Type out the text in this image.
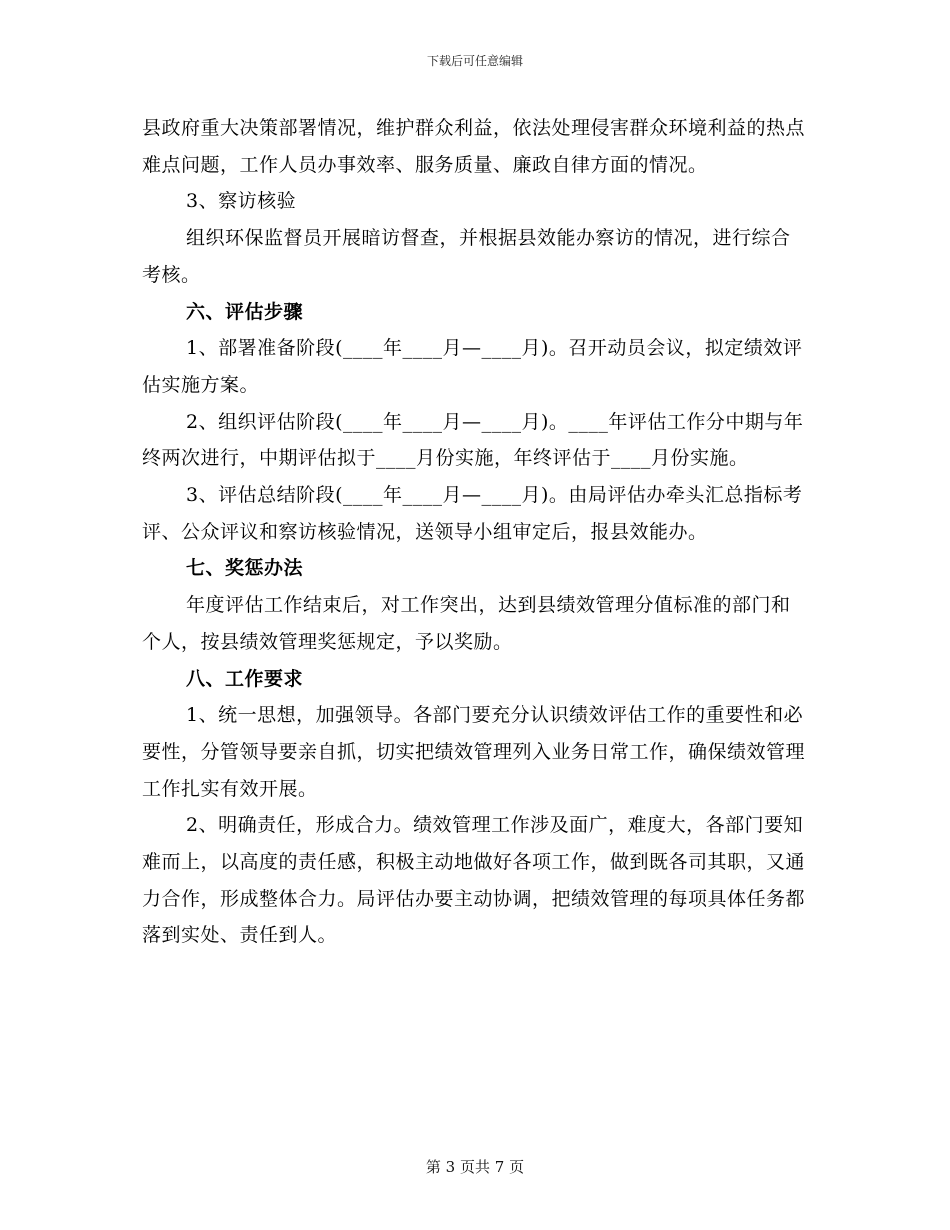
下载后可任意编辑

县政府重大决策部署情况，维护群众利益，依法处理侵害群众环境利益的热点难点问题，工作人员办事效率、服务质量、廉政自律方面的情况。

3、察访核验

组织环保监督员开展暗访督查，并根据县效能办察访的情况，进行综合考核。

六、评估步骤

1、部署准备阶段(____年____月—____月)。召开动员会议，拟定绩效评估实施方案。

2、组织评估阶段(____年____月—____月)。____年评估工作分中期与年终两次进行，中期评估拟于____月份实施，年终评估于____月份实施。

3、评估总结阶段(____年____月—____月)。由局评估办牵头汇总指标考评、公众评议和察访核验情况，送领导小组审定后，报县效能办。

七、奖惩办法

年度评估工作结束后，对工作突出，达到县绩效管理分值标准的部门和个人，按县绩效管理奖惩规定，予以奖励。

八、工作要求

1、统一思想，加强领导。各部门要充分认识绩效评估工作的重要性和必要性，分管领导要亲自抓，切实把绩效管理列入业务日常工作，确保绩效管理工作扎实有效开展。

2、明确责任，形成合力。绩效管理工作涉及面广，难度大，各部门要知难而上，以高度的责任感，积极主动地做好各项工作，做到既各司其职，又通力合作，形成整体合力。局评估办要主动协调，把绩效管理的每项具体任务都落到实处、责任到人。

第 3 页共 7 页
